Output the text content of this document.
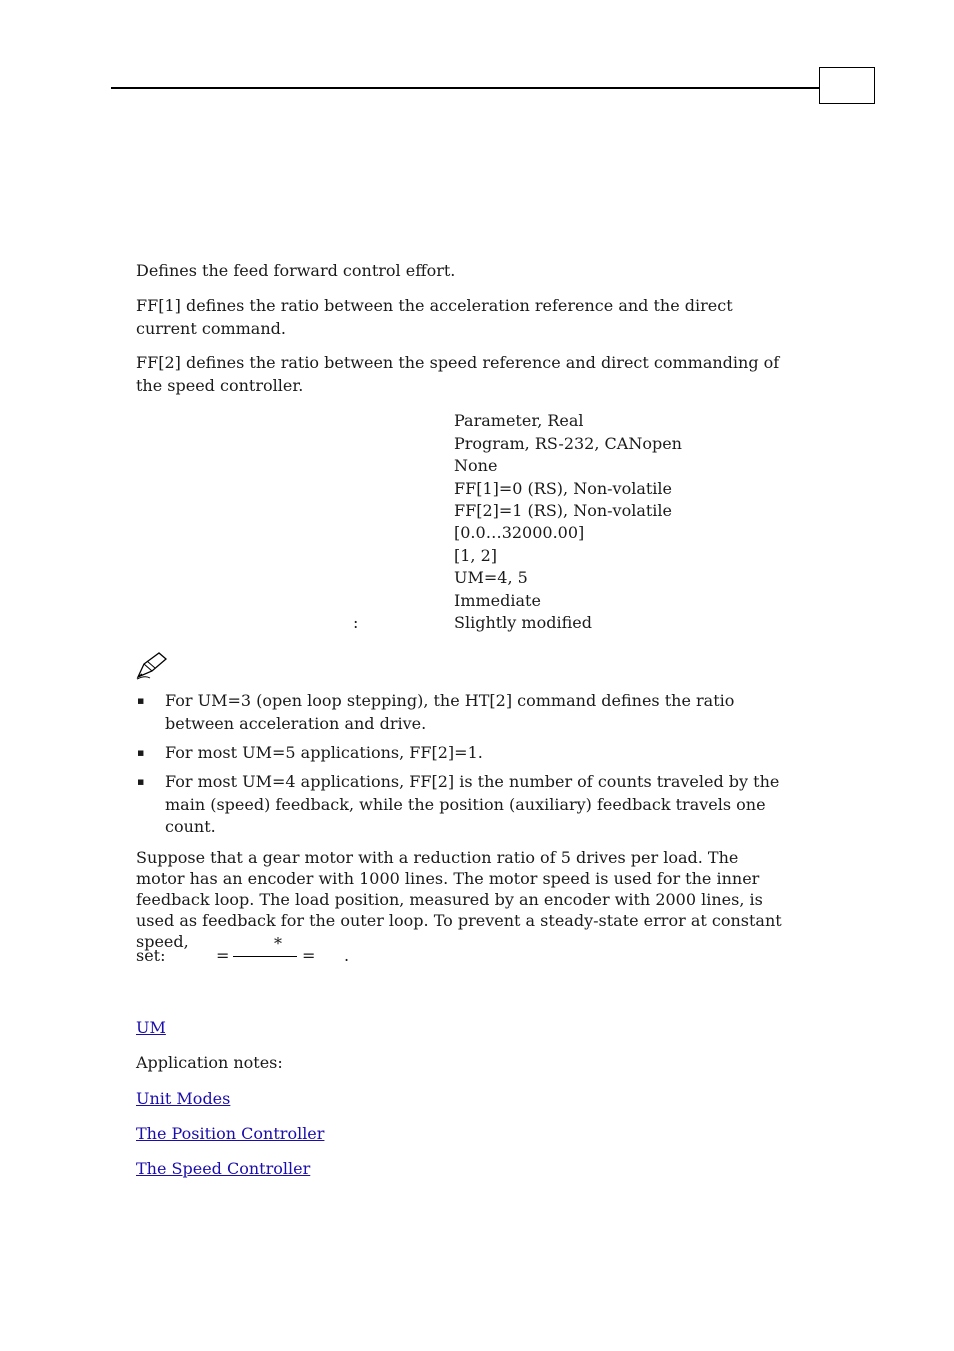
Defines the feed forward control effort.
FF[1] defines the ratio between the acceleration reference and the direct current command.
FF[2] defines the ratio between the speed reference and direct commanding of the speed controller.
Parameter, Real
Program, RS-232, CANopen
None
FF[1]=0 (RS), Non-volatile
FF[2]=1 (RS), Non-volatile
[0.0…32000.00]
[1, 2]
UM=4, 5
Immediate
:	Slightly modified
▪ For UM=3 (open loop stepping), the HT[2] command defines the ratio between acceleration and drive.
▪ For most UM=5 applications, FF[2]=1.
▪ For most UM=4 applications, FF[2] is the number of counts traveled by the main (speed) feedback, while the position (auxiliary) feedback travels one count.
Suppose that a gear motor with a reduction ratio of 5 drives per load. The motor has an encoder with 1000 lines. The motor speed is used for the inner feedback loop. The load position, measured by an encoder with 2000 lines, is used as feedback for the outer loop. To prevent a steady-state error at constant speed,
set:	=
*
= .
UM
Application notes:
Unit Modes
The Position Controller
The Speed Controller
